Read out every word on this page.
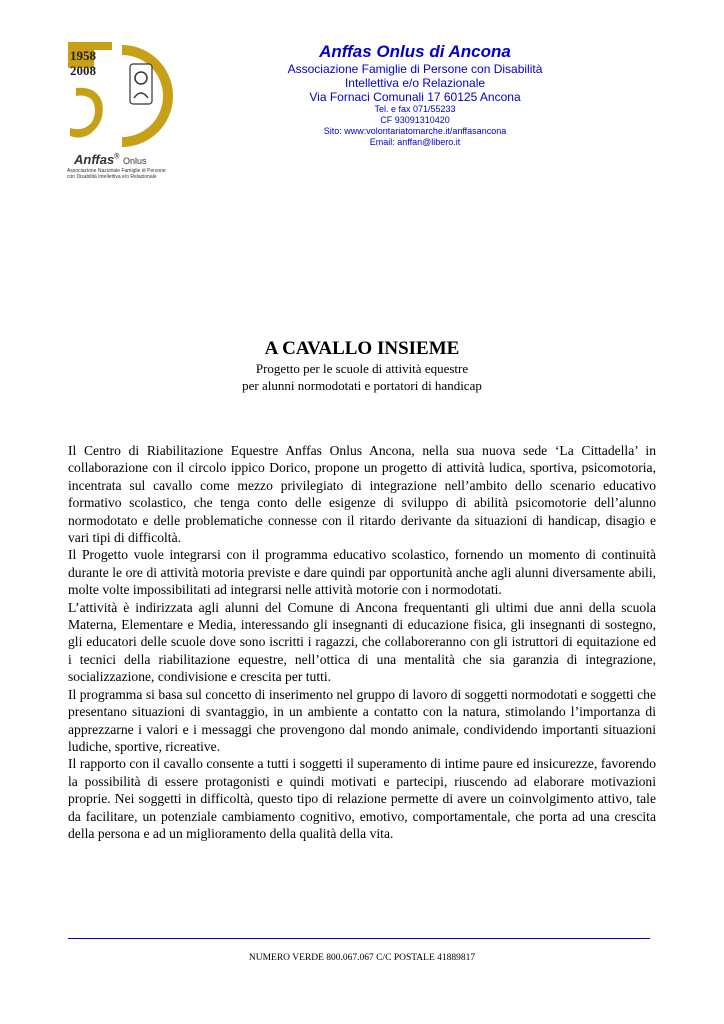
1958
2008
Anffas® Onlus
Associazione Nazionale Famiglie di Persone
con Disabilità Intellettiva e/o Relazionale
Anffas Onlus di Ancona
Associazione Famiglie di Persone con Disabilità
Intellettiva e/o Relazionale
Via Fornaci Comunali 17 60125 Ancona
Tel. e fax 071/55233
CF 93091310420
Sito: www:volontariatomarche.it/anffasancona
Email: anffan@libero.it
A CAVALLO INSIEME
Progetto per le scuole di attività equestre
per alunni normodotati e portatori di handicap

Il Centro di Riabilitazione Equestre Anffas Onlus Ancona, nella sua nuova sede ‘La Cittadella’ in collaborazione con il circolo ippico Dorico, propone un progetto di attività ludica, sportiva, psicomotoria, incentrata sul cavallo come mezzo privilegiato di integrazione nell’ambito dello scenario educativo formativo scolastico, che tenga conto delle esigenze di sviluppo di abilità psicomotorie dell’alunno normodotato e delle problematiche connesse con il ritardo derivante da situazioni di handicap, disagio e vari tipi di difficoltà.

Il Progetto vuole integrarsi con il programma educativo scolastico, fornendo un momento di continuità durante le ore di attività motoria previste e dare quindi par opportunità anche agli alunni diversamente abili, molte volte impossibilitati ad integrarsi nelle attività motorie con i normodotati.

L’attività è indirizzata agli alunni del Comune di Ancona frequentanti gli ultimi due anni della scuola Materna, Elementare e Media, interessando gli insegnanti di educazione fisica, gli insegnanti di sostegno, gli educatori delle scuole dove sono iscritti i ragazzi, che collaboreranno con gli istruttori di equitazione ed i tecnici della riabilitazione equestre, nell’ottica di una mentalità che sia garanzia di integrazione, socializzazione, condivisione e crescita per tutti.

Il programma si basa sul concetto di inserimento nel gruppo di lavoro di soggetti normodotati e soggetti che presentano situazioni di svantaggio, in un ambiente a contatto con la natura, stimolando l’importanza di apprezzarne i valori e i messaggi che provengono dal mondo animale, condividendo importanti situazioni ludiche, sportive, ricreative.

Il rapporto con il cavallo consente a tutti i soggetti il superamento di intime paure ed insicurezze, favorendo la possibilità di essere protagonisti e quindi motivati e partecipi, riuscendo ad elaborare motivazioni proprie. Nei soggetti in difficoltà, questo tipo di relazione permette di avere un coinvolgimento attivo, tale da facilitare, un potenziale cambiamento cognitivo, emotivo, comportamentale, che porta ad una crescita della persona e ad un miglioramento della qualità della vita.

NUMERO VERDE 800.067.067 C/C POSTALE 41889817
